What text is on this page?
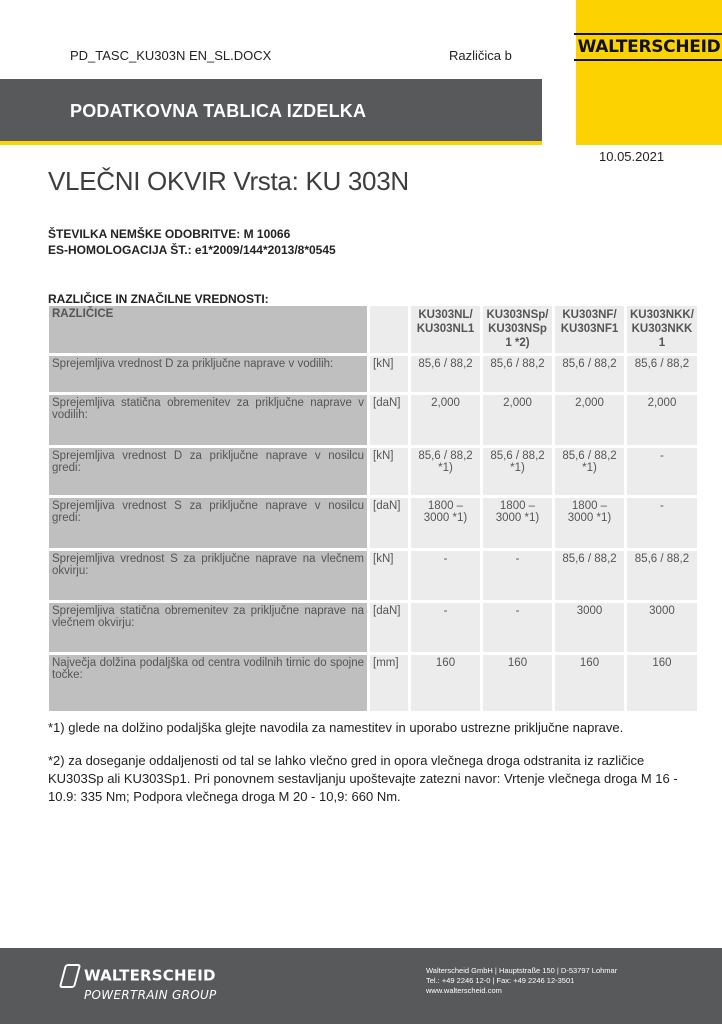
PD_TASC_KU303N EN_SL.DOCX	Različica b	WALTERSCHEID
PODATKOVNA TABLICA IZDELKA
10.05.2021
VLEČNI OKVIR Vrsta: KU 303N
ŠTEVILKA NEMŠKE ODOBRITVE: M 10066
ES-HOMOLOGACIJA ŠT.: e1*2009/144*2013/8*0545
RAZLIČICE IN ZNAČILNE VREDNOSTI:
RAZLIČICE		KU303NL/ KU303NL1	KU303NSp/ KU303NSp 1 *2)	KU303NF/ KU303NF1	KU303NKK/ KU303NKK 1
Sprejemljiva vrednost D za priključne naprave v vodilih:	[kN]	85,6 / 88,2	85,6 / 88,2	85,6 / 88,2	85,6 / 88,2
Sprejemljiva statična obremenitev za priključne naprave v vodilih:	[daN]	2,000	2,000	2,000	2,000
Sprejemljiva vrednost D za priključne naprave v nosilcu gredi:	[kN]	85,6 / 88,2 *1)	85,6 / 88,2 *1)	85,6 / 88,2 *1)	-
Sprejemljiva vrednost S za priključne naprave v nosilcu gredi:	[daN]	1800 – 3000 *1)	1800 – 3000 *1)	1800 – 3000 *1)	-
Sprejemljiva vrednost S za priključne naprave na vlečnem okvirju:	[kN]	-	-	85,6 / 88,2	85,6 / 88,2
Sprejemljiva statična obremenitev za priključne naprave na vlečnem okvirju:	[daN]	-	-	3000	3000
Največja dolžina podaljška od centra vodilnih tirnic do spojne točke:	[mm]	160	160	160	160
*1) glede na dolžino podaljška glejte navodila za namestitev in uporabo ustrezne priključne naprave.
*2) za doseganje oddaljenosti od tal se lahko vlečno gred in opora vlečnega droga odstranita iz različice KU303Sp ali KU303Sp1. Pri ponovnem sestavljanju upoštevajte zatezni navor: Vrtenje vlečnega droga M 16 - 10.9: 335 Nm; Podpora vlečnega droga M 20 - 10,9: 660 Nm.
WALTERSCHEID
POWERTRAIN GROUP
Walterscheid GmbH | Hauptstraße 150 | D-53797 Lohmar
Tel.: +49 2246 12-0 | Fax: +49 2246 12-3501
www.walterscheid.com
